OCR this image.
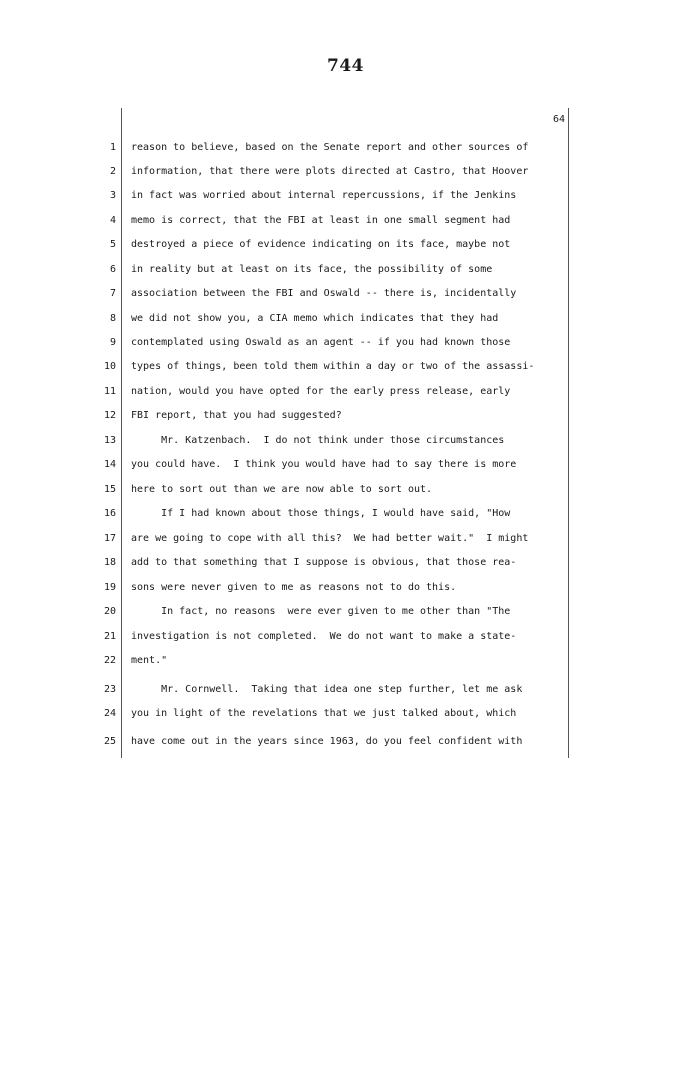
744
64
1 reason to believe, based on the Senate report and other sources of
2 information, that there were plots directed at Castro, that Hoover
3 in fact was worried about internal repercussions, if the Jenkins
4 memo is correct, that the FBI at least in one small segment had
5 destroyed a piece of evidence indicating on its face, maybe not
6 in reality but at least on its face, the possibility of some
7 association between the FBI and Oswald -- there is, incidentally
8 we did not show you, a CIA memo which indicates that they had
9 contemplated using Oswald as an agent -- if you had known those
10 types of things, been told them within a day or two of the assassi-
11 nation, would you have opted for the early press release, early
12 FBI report, that you had suggested?
13 Mr. Katzenbach.  I do not think under those circumstances
14 you could have.  I think you would have had to say there is more
15 here to sort out than we are now able to sort out.
16 If I had known about those things, I would have said, "How
17 are we going to cope with all this?  We had better wait."  I might
18 add to that something that I suppose is obvious, that those rea-
19 sons were never given to me as reasons not to do this.
20 In fact, no reasons  were ever given to me other than "The
21 investigation is not completed.  We do not want to make a state-
22 ment."
23 Mr. Cornwell.  Taking that idea one step further, let me ask
24 you in light of the revelations that we just talked about, which
25 have come out in the years since 1963, do you feel confident with
